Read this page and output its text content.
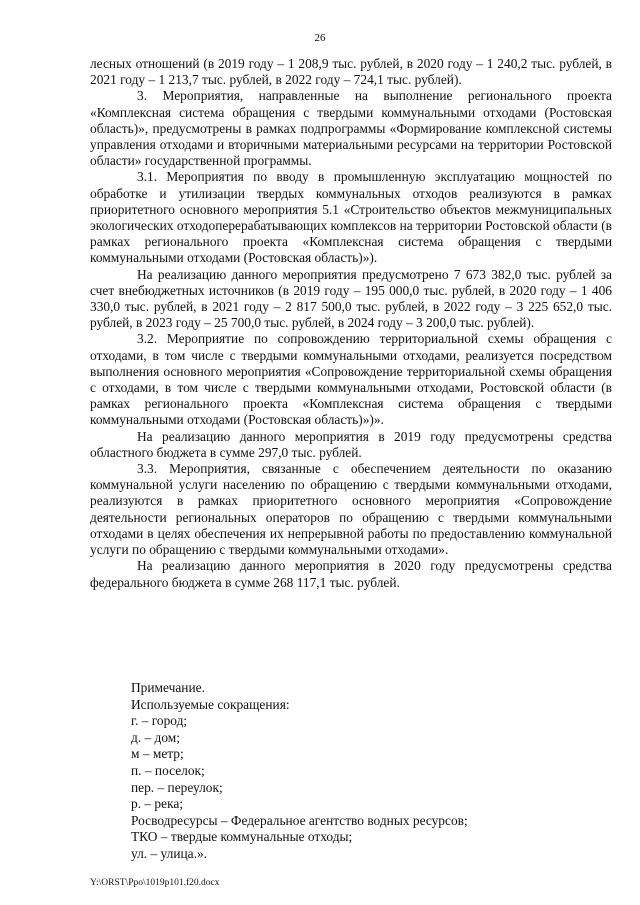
26

лесных отношений (в 2019 году – 1 208,9 тыс. рублей, в 2020 году – 1 240,2 тыс. рублей, в 2021 году – 1 213,7 тыс. рублей, в 2022 году – 724,1 тыс. рублей).

3. Мероприятия, направленные на выполнение регионального проекта «Комплексная система обращения с твердыми коммунальными отходами (Ростовская область)», предусмотрены в рамках подпрограммы «Формирование комплексной системы управления отходами и вторичными материальными ресурсами на территории Ростовской области» государственной программы.

3.1. Мероприятия по вводу в промышленную эксплуатацию мощностей по обработке и утилизации твердых коммунальных отходов реализуются в рамках приоритетного основного мероприятия 5.1 «Строительство объектов межмуниципальных экологических отходоперерабатывающих комплексов на территории Ростовской области (в рамках регионального проекта «Комплексная система обращения с твердыми коммунальными отходами (Ростовская область)»).

На реализацию данного мероприятия предусмотрено 7 673 382,0 тыс. рублей за счет внебюджетных источников (в 2019 году – 195 000,0 тыс. рублей, в 2020 году – 1 406 330,0 тыс. рублей, в 2021 году – 2 817 500,0 тыс. рублей, в 2022 году – 3 225 652,0 тыс. рублей, в 2023 году – 25 700,0 тыс. рублей, в 2024 году – 3 200,0 тыс. рублей).

3.2. Мероприятие по сопровождению территориальной схемы обращения с отходами, в том числе с твердыми коммунальными отходами, реализуется посредством выполнения основного мероприятия «Сопровождение территориальной схемы обращения с отходами, в том числе с твердыми коммунальными отходами, Ростовской области (в рамках регионального проекта «Комплексная система обращения с твердыми коммунальными отходами (Ростовская область)»)».

На реализацию данного мероприятия в 2019 году предусмотрены средства областного бюджета в сумме 297,0 тыс. рублей.

3.3. Мероприятия, связанные с обеспечением деятельности по оказанию коммунальной услуги населению по обращению с твердыми коммунальными отходами, реализуются в рамках приоритетного основного мероприятия «Сопровождение деятельности региональных операторов по обращению с твердыми коммунальными отходами в целях обеспечения их непрерывной работы по предоставлению коммунальной услуги по обращению с твердыми коммунальными отходами».

На реализацию данного мероприятия в 2020 году предусмотрены средства федерального бюджета в сумме 268 117,1 тыс. рублей.

Примечание.
Используемые сокращения:
г. – город;
д. – дом;
м – метр;
п. – поселок;
пер. – переулок;
р. – река;
Росводресурсы – Федеральное агентство водных ресурсов;
ТКО – твердые коммунальные отходы;
ул. – улица.».
Y:\ORST\Ppo\1019p101.f20.docx
